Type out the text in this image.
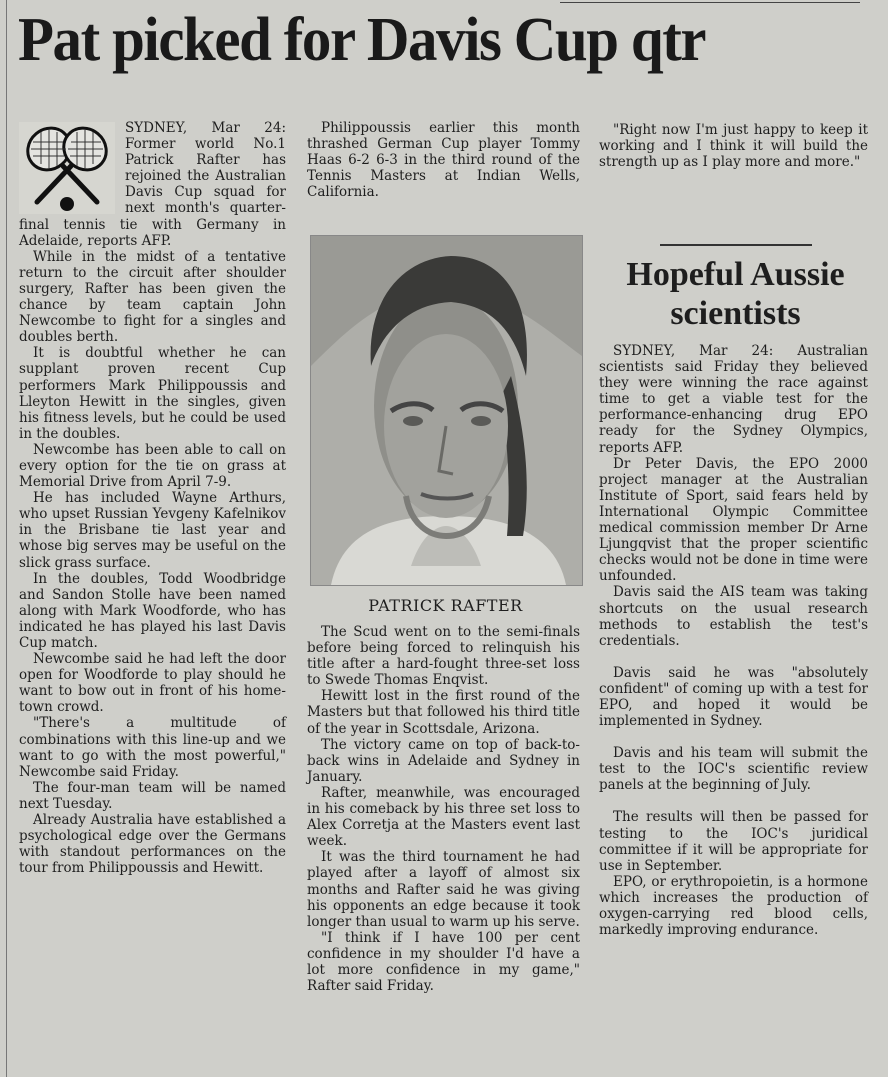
Pat picked for Davis Cup qtr

SYDNEY, Mar 24: Former world No.1 Patrick Rafter has rejoined the Australian Davis Cup squad for next month's quarter-final tennis tie with Germany in Adelaide, reports AFP.

While in the midst of a tentative return to the circuit after shoulder surgery, Rafter has been given the chance by team captain John Newcombe to fight for a singles and doubles berth.

It is doubtful whether he can supplant proven recent Cup performers Mark Philippoussis and Lleyton Hewitt in the singles, given his fitness levels, but he could be used in the doubles.

Newcombe has been able to call on every option for the tie on grass at Memorial Drive from April 7-9.

He has included Wayne Arthurs, who upset Russian Yevgeny Kafelnikov in the Brisbane tie last year and whose big serves may be useful on the slick grass surface.

In the doubles, Todd Woodbridge and Sandon Stolle have been named along with Mark Woodforde, who has indicated he has played his last Davis Cup match.

Newcombe said he had left the door open for Woodforde to play should he want to bow out in front of his home-town crowd.

"There's a multitude of combinations with this line-up and we want to go with the most powerful," Newcombe said Friday.

The four-man team will be named next Tuesday.

Already Australia have established a psychological edge over the Germans with standout performances on the tour from Philippoussis and Hewitt.

Philippoussis earlier this month thrashed German Cup player Tommy Haas 6-2 6-3 in the third round of the Tennis Masters at Indian Wells, California.

PATRICK RAFTER

The Scud went on to the semi-finals before being forced to relinquish his title after a hard-fought three-set loss to Swede Thomas Enqvist.

Hewitt lost in the first round of the Masters but that followed his third title of the year in Scottsdale, Arizona.

The victory came on top of back-to-back wins in Adelaide and Sydney in January.

Rafter, meanwhile, was encouraged in his comeback by his three set loss to Alex Corretja at the Masters event last week.

It was the third tournament he had played after a layoff of almost six months and Rafter said he was giving his opponents an edge because it took longer than usual to warm up his serve.

"I think if I have 100 per cent confidence in my shoulder I'd have a lot more confidence in my game," Rafter said Friday.

"Right now I'm just happy to keep it working and I think it will build the strength up as I play more and more."

Hopeful Aussie scientists

SYDNEY, Mar 24: Australian scientists said Friday they believed they were winning the race against time to get a viable test for the performance-enhancing drug EPO ready for the Sydney Olympics, reports AFP.

Dr Peter Davis, the EPO 2000 project manager at the Australian Institute of Sport, said fears held by International Olympic Committee medical commission member Dr Arne Ljungqvist that the proper scientific checks would not be done in time were unfounded.

Davis said the AIS team was taking shortcuts on the usual research methods to establish the test's credentials.

Davis said he was "absolutely confident" of coming up with a test for EPO, and hoped it would be implemented in Sydney.

Davis and his team will submit the test to the IOC's scientific review panels at the beginning of July.

The results will then be passed for testing to the IOC's juridical committee if it will be appropriate for use in September.

EPO, or erythropoietin, is a hormone which increases the production of oxygen-carrying red blood cells, markedly improving endurance.
